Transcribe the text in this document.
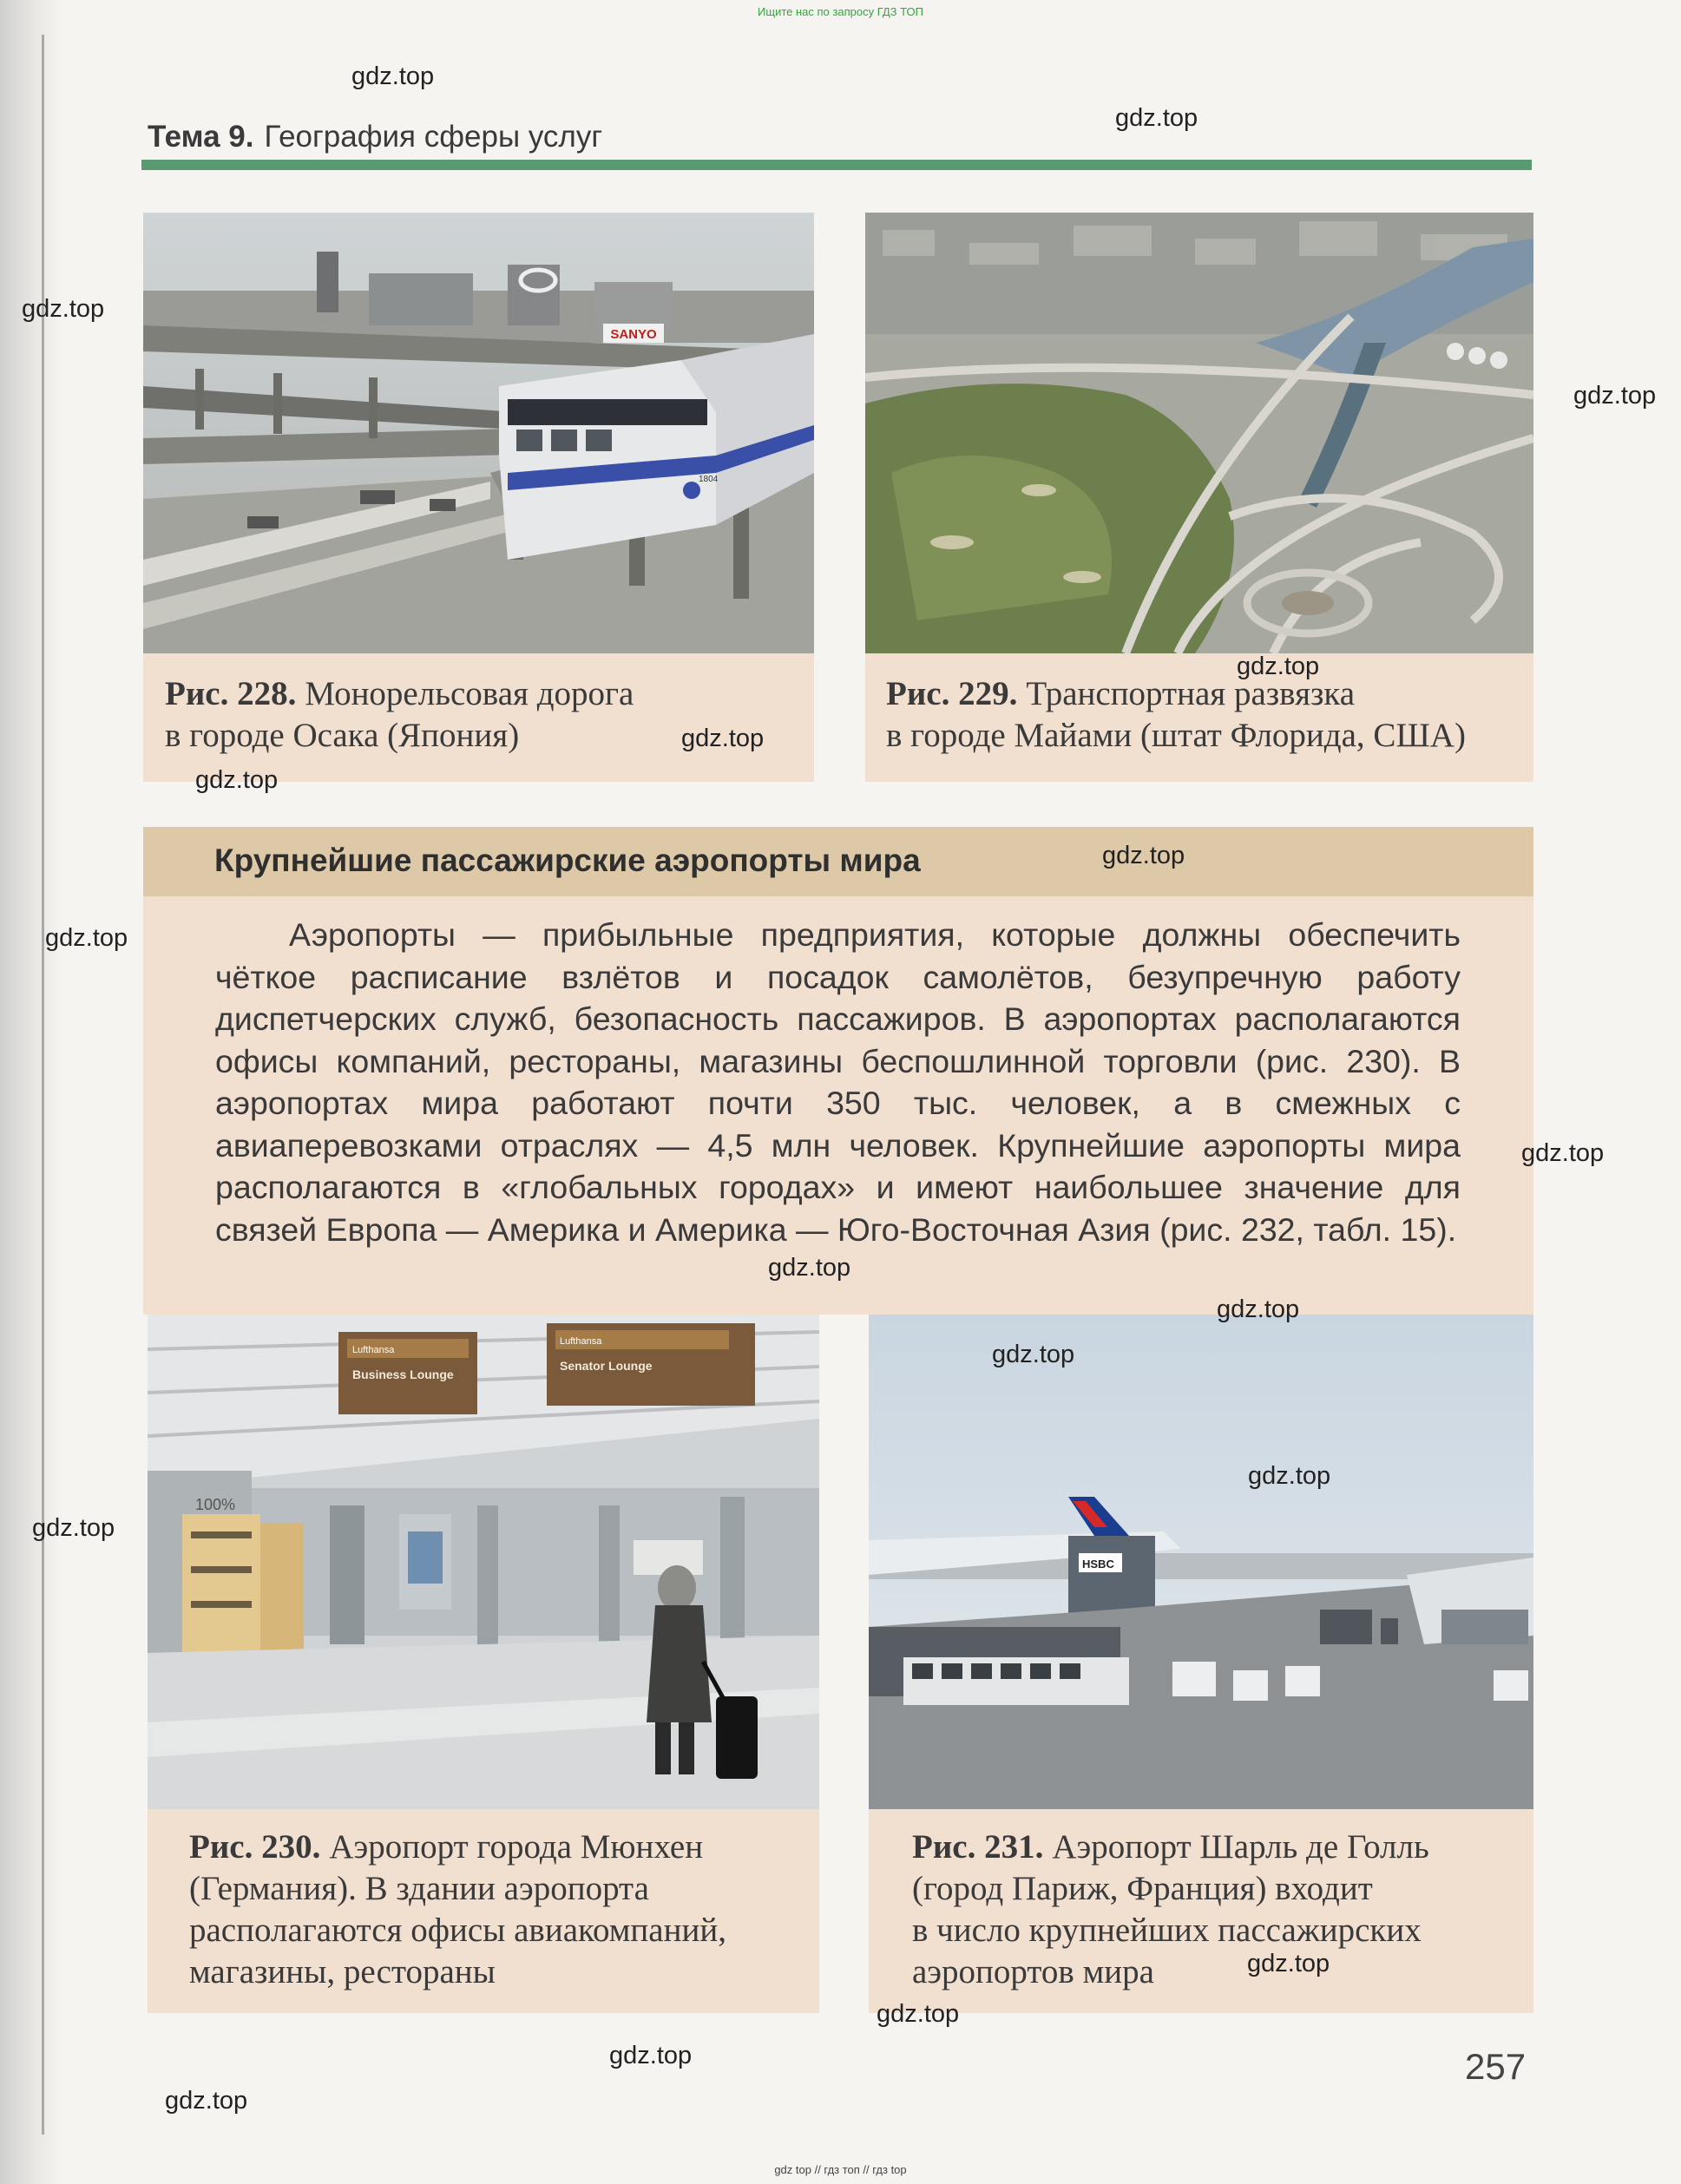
Ищите нас по запросу ГДЗ ТОП
Тема 9. География сферы услуг
SANYO
1804
Рис. 228. Монорельсовая дорога
в городе Осака (Япония)
Рис. 229. Транспортная развязка
в городе Майами (штат Флорида, США)
Крупнейшие пассажирские аэропорты мира
Аэропорты — прибыльные предприятия, которые должны обеспечить чёткое расписание взлётов и посадок самолётов, безупречную работу диспетчерских служб, безопасность пассажиров. В аэропортах располагаются офисы компаний, рестораны, магазины беспошлинной торговли (рис. 230). В аэропортах мира работают почти 350 тыс. человек, а в смежных с авиаперевозками отраслях — 4,5 млн человек. Крупнейшие аэропорты мира располагаются в «глобальных городах» и имеют наибольшее значение для связей Европа — Америка и Америка — Юго-Восточная Азия (рис. 232, табл. 15).
100%
Lufthansa
Business Lounge
Lufthansa
Senator Lounge
HSBC
Рис. 230. Аэропорт города Мюнхен
(Германия). В здании аэропорта
располагаются офисы авиакомпаний,
магазины, рестораны
Рис. 231. Аэропорт Шарль де Голль
(город Париж, Франция) входит
в число крупнейших пассажирских
аэропортов мира
257
gdz.top
gdz.top
gdz.top
gdz.top
gdz.top
gdz.top
gdz.top
gdz.top
gdz.top
gdz.top
gdz.top
gdz.top
gdz.top
gdz.top
gdz.top
gdz.top
gdz.top
gdz.top
gdz.top
gdz top // гдз топ // гдз top
